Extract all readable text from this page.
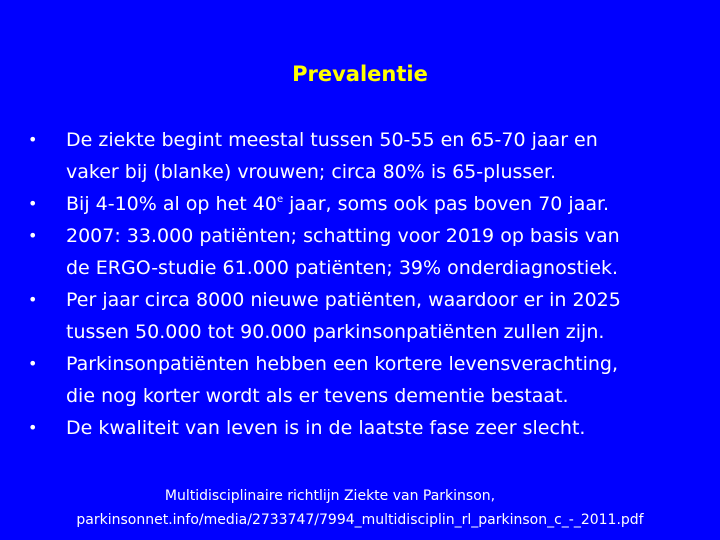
Prevalentie
•	De ziekte begint meestal tussen 50-55 en 65-70 jaar en
vaker bij (blanke) vrouwen; circa 80% is 65-plusser.
•	Bij 4-10% al op het 40e jaar, soms ook pas boven 70 jaar.
•	2007: 33.000 patiënten; schatting voor 2019 op basis van
de ERGO-studie 61.000 patiënten; 39% onderdiagnostiek.
•	Per jaar circa 8000 nieuwe patiënten, waardoor er in 2025
tussen 50.000 tot 90.000 parkinsonpatiënten zullen zijn.
•	Parkinsonpatiënten hebben een kortere levensverachting,
die nog korter wordt als er tevens dementie bestaat.
•	De kwaliteit van leven is in de laatste fase zeer slecht.
Multidisciplinaire richtlijn Ziekte van Parkinson,
parkinsonnet.info/media/2733747/7994_multidisciplin_rl_parkinson_c_-_2011.pdf
